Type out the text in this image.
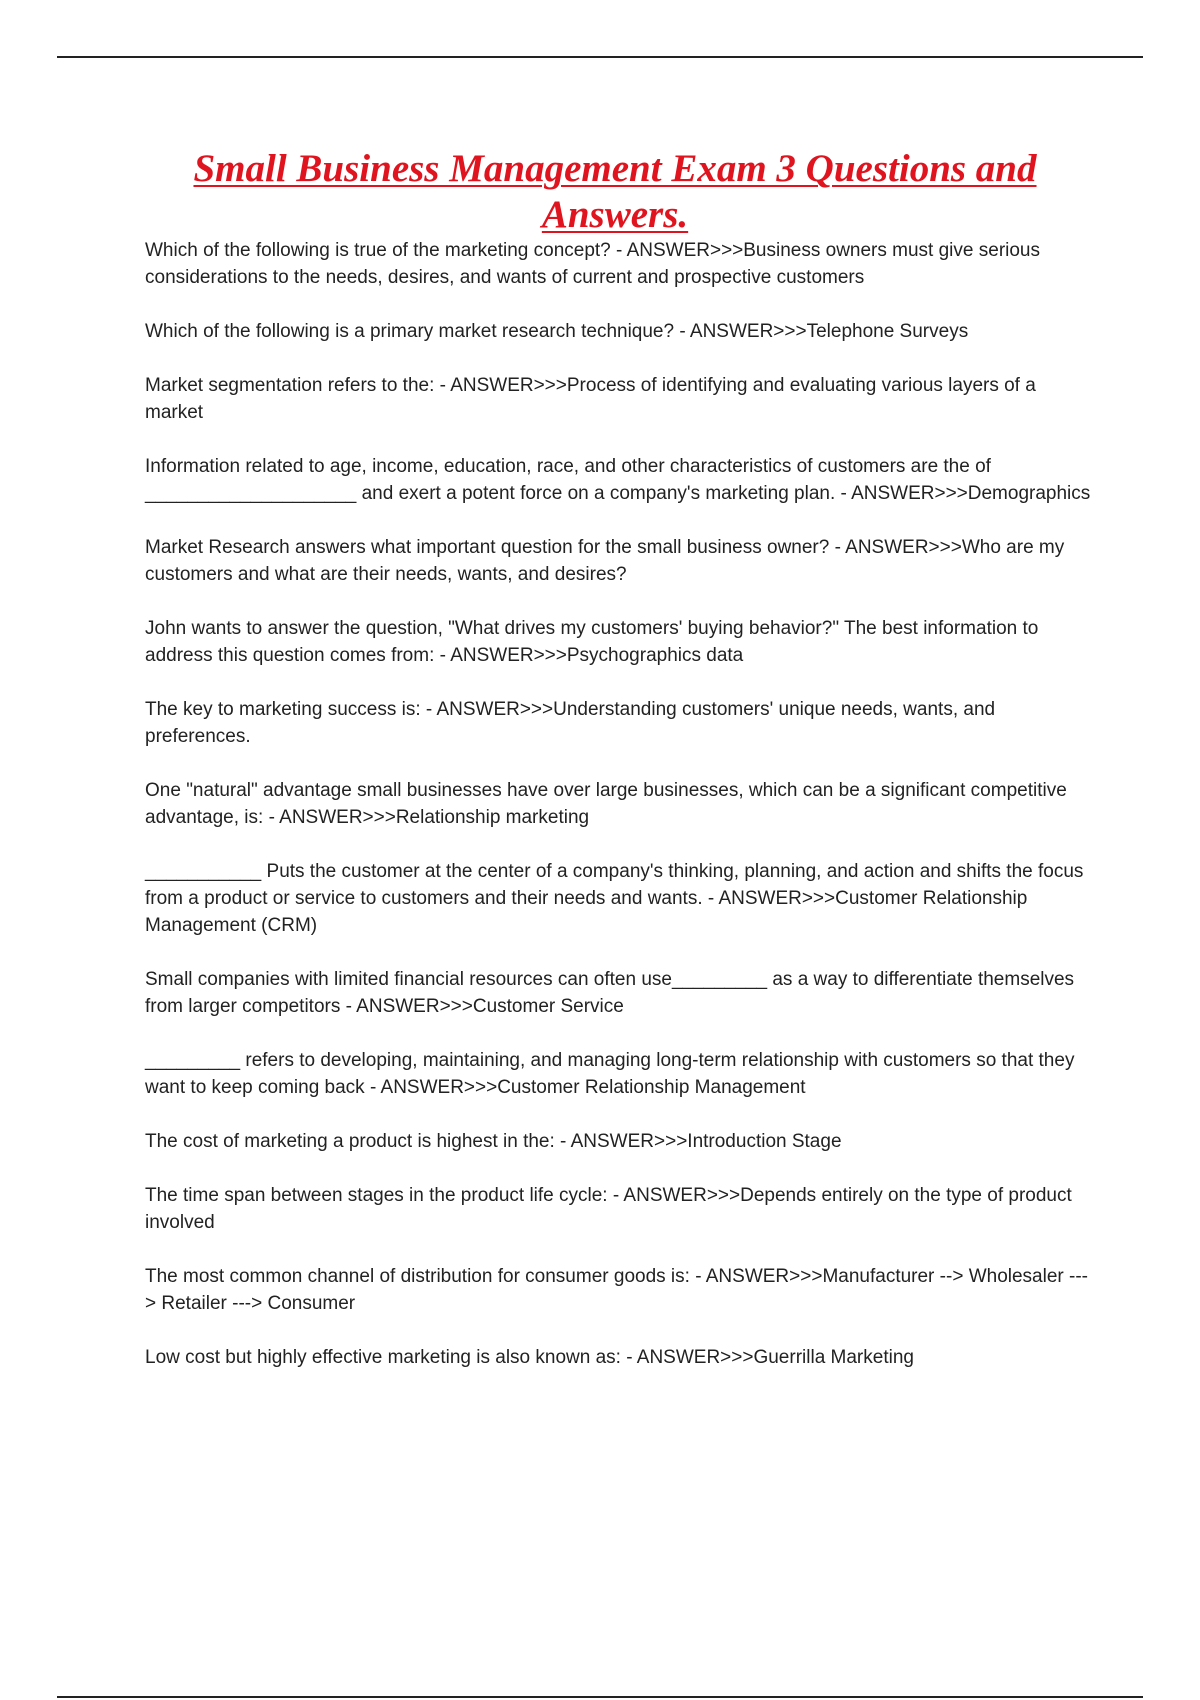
Small Business Management Exam 3 Questions and Answers.
Which of the following is true of the marketing concept? - ANSWER>>>Business owners must give serious considerations to the needs, desires, and wants of current and prospective customers
Which of the following is a primary market research technique? - ANSWER>>>Telephone Surveys
Market segmentation refers to the: - ANSWER>>>Process of identifying and evaluating various layers of a market
Information related to age, income, education, race, and other characteristics of customers are the of ____________________ and exert a potent force on a company's marketing plan. - ANSWER>>>Demographics
Market Research answers what important question for the small business owner? - ANSWER>>>Who are my customers and what are their needs, wants, and desires?
John wants to answer the question, "What drives my customers' buying behavior?" The best information to address this question comes from: - ANSWER>>>Psychographics data
The key to marketing success is: - ANSWER>>>Understanding customers' unique needs, wants, and preferences.
One "natural" advantage small businesses have over large businesses, which can be a significant competitive advantage, is: - ANSWER>>>Relationship marketing
___________ Puts the customer at the center of a company's thinking, planning, and action and shifts the focus from a product or service to customers and their needs and wants. - ANSWER>>>Customer Relationship Management (CRM)
Small companies with limited financial resources can often use_________ as a way to differentiate themselves from larger competitors - ANSWER>>>Customer Service
_________ refers to developing, maintaining, and managing long-term relationship with customers so that they want to keep coming back - ANSWER>>>Customer Relationship Management
The cost of marketing a product is highest in the: - ANSWER>>>Introduction Stage
The time span between stages in the product life cycle: - ANSWER>>>Depends entirely on the type of product involved
The most common channel of distribution for consumer goods is: - ANSWER>>>Manufacturer --> Wholesaler ---> Retailer ---> Consumer
Low cost but highly effective marketing is also known as: - ANSWER>>>Guerrilla Marketing
